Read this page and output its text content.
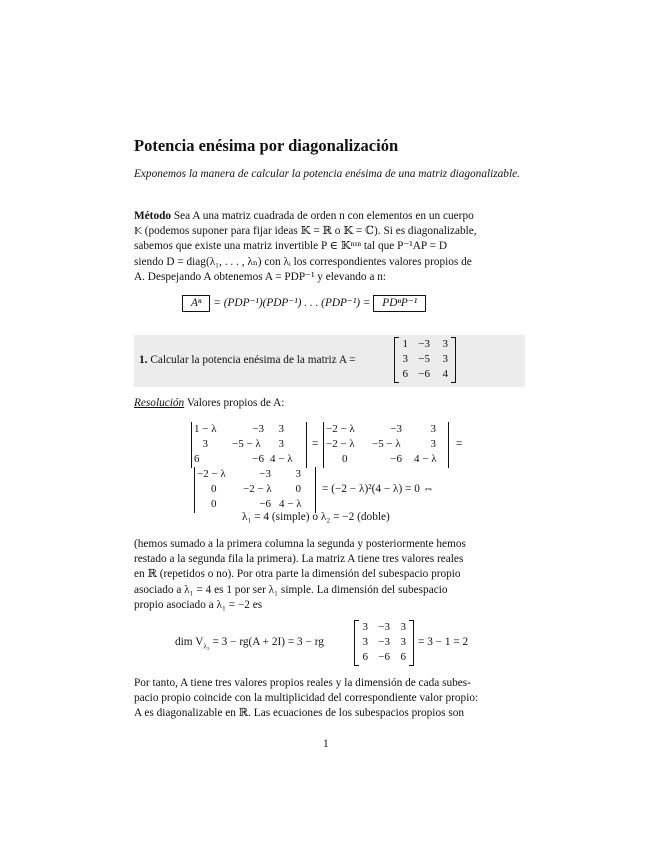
Potencia enésima por diagonalización

Exponemos la manera de calcular la potencia enésima de una matriz diagonalizable.

Método Sea A una matriz cuadrada de orden n con elementos en un cuerpo
𝕂 (podemos suponer para fijar ideas 𝕂 = ℝ o 𝕂 = ℂ). Si es diagonalizable,
sabemos que existe una matriz invertible P ∈ 𝕂ⁿˣⁿ tal que P⁻¹AP = D
siendo D = diag(λ₁, . . . , λₙ) con λᵢ los correspondientes valores propios de
A. Despejando A obtenemos A = PDP⁻¹ y elevando a n:
Aⁿ = (PDP⁻¹)(PDP⁻¹) . . . (PDP⁻¹) = PDⁿP⁻¹
1. Calcular la potencia enésima de la matriz A =
1 −3	3
3 −5	3
6 −6	4
Resolución Valores propios de A:
1 − λ	−3	3
3 −5 − λ	3
6	−6 4 − λ
=
−2 − λ	−3	3
−2 − λ	−5 − λ	3
0	−6 4 − λ
=
−2 − λ	−3	3
0	−2 − λ	0
0	−6 4 − λ
= (−2 − λ)²(4 − λ) = 0 ⇔
λ₁ = 4 (simple) o λ₂ = −2 (doble)
(hemos sumado a la primera columna la segunda y posteriormente hemos
restado a la segunda fila la primera). La matriz A tiene tres valores reales
en ℝ (repetidos o no). Por otra parte la dimensión del subespacio propio
asociado a λ₁ = 4 es 1 por ser λ₁ simple. La dimensión del subespacio
propio asociado a λ₁ = −2 es
dim $V_{\lambda_2} = 3 - rg(A + 2I) = 3$ − rg
3 −3 3
3 −3 3
6 −6 6
= 3 − 1 = 2
Por tanto, A tiene tres valores propios reales y la dimensión de cada subes-
pacio propio coincide con la multiplicidad del correspondiente valor propio:
A es diagonalizable en ℝ. Las ecuaciones de los subespacios propios son
1
